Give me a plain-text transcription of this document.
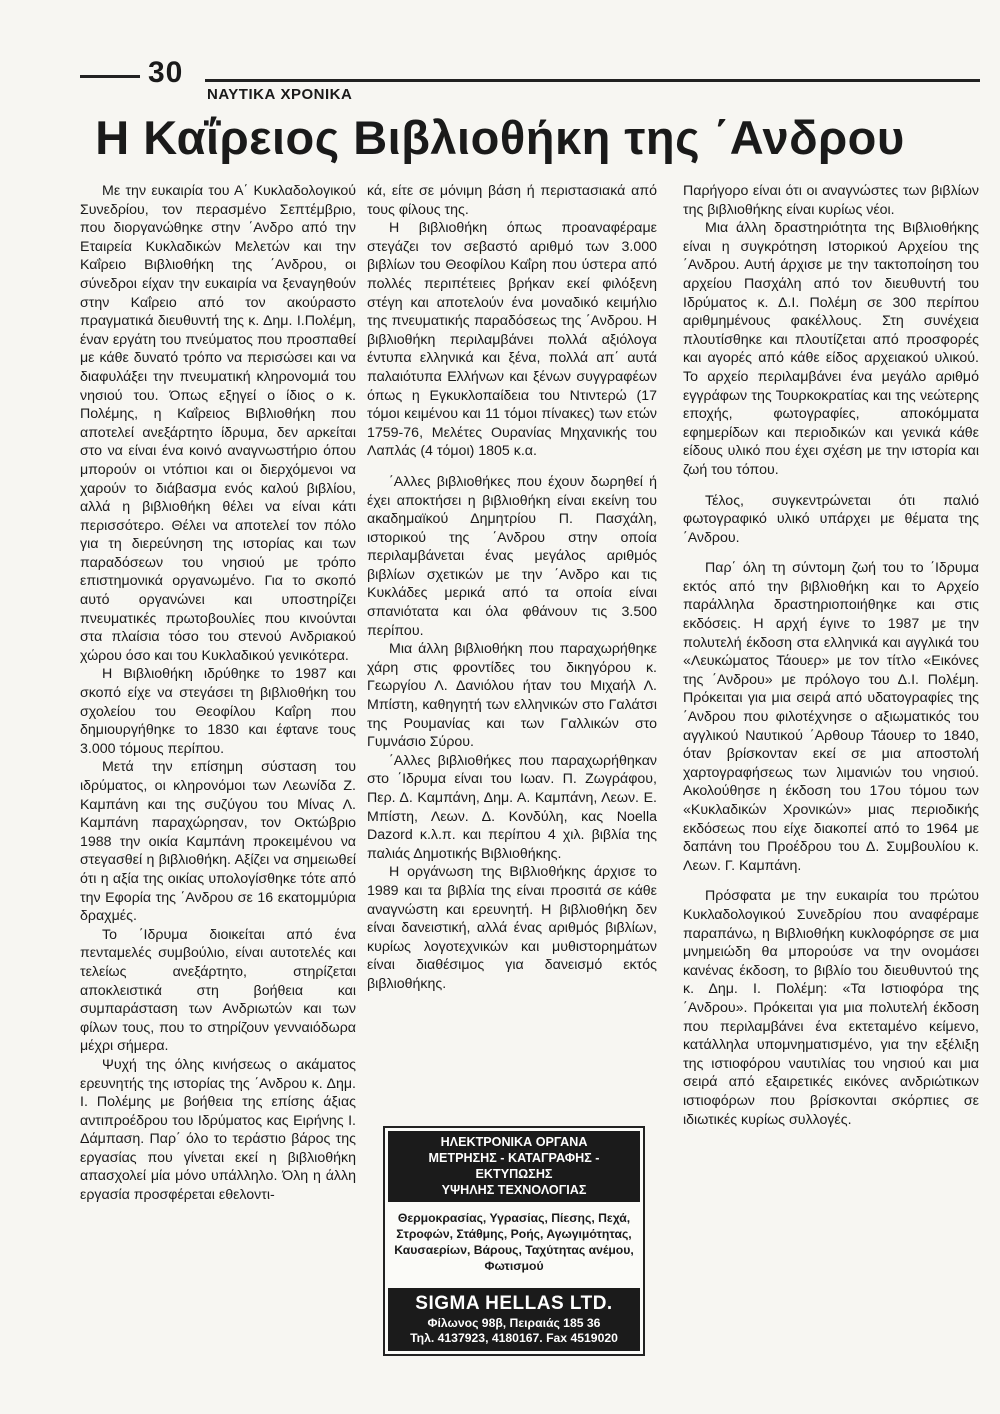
30
ΝΑΥΤΙΚΑ ΧΡΟΝΙΚΑ
Η Καΐρειος Βιβλιοθήκη της ΄Ανδρου

Με την ευκαιρία του Α΄ Κυκλαδολογικού Συνεδρίου, τον περασμένο Σεπτέμβριο, που διοργανώθηκε στην ΄Ανδρο από την Εταιρεία Κυκλαδικών Μελετών και την Καΐρειο Βιβλιοθήκη της ΄Ανδρου, οι σύνεδροι είχαν την ευκαιρία να ξεναγηθούν στην Καΐρειο από τον ακούραστο πραγματικά διευθυντή της κ. Δημ. Ι.Πολέμη, έναν εργάτη του πνεύματος που προσπαθεί με κάθε δυνατό τρόπο να περισώσει και να διαφυλάξει την πνευματική κληρονομιά του νησιού του. Όπως εξηγεί ο ίδιος ο κ. Πολέμης, η Καΐρειος Βιβλιοθήκη που αποτελεί ανεξάρτητο ίδρυμα, δεν αρκείται στο να είναι ένα κοινό αναγνωστήριο όπου μπορούν οι ντόπιοι και οι διερχόμενοι να χαρούν το διάβασμα ενός καλού βιβλίου, αλλά η βιβλιοθήκη θέλει να είναι κάτι περισσότερο. Θέλει να αποτελεί τον πόλο για τη διερεύνηση της ιστορίας και των παραδόσεων του νησιού με τρόπο επιστημονικά οργανωμένο. Για το σκοπό αυτό οργανώνει και υποστηρίζει πνευματικές πρωτοβουλίες που κινούνται στα πλαίσια τόσο του στενού Ανδριακού χώρου όσο και του Κυκλαδικού γενικότερα.

Η Βιβλιοθήκη ιδρύθηκε το 1987 και σκοπό είχε να στεγάσει τη βιβλιοθήκη του σχολείου του Θεοφίλου Καΐρη που δημιουργήθηκε το 1830 και έφτανε τους 3.000 τόμους περίπου.

Μετά την επίσημη σύσταση του ιδρύματος, οι κληρονόμοι των Λεωνίδα Ζ. Καμπάνη και της συζύγου του Μίνας Λ. Καμπάνη παραχώρησαν, τον Οκτώβριο 1988 την οικία Καμπάνη προκειμένου να στεγασθεί η βιβλιοθήκη. Αξίζει να σημειωθεί ότι η αξία της οικίας υπολογίσθηκε τότε από την Εφορία της ΄Ανδρου σε 16 εκατομμύρια δραχμές.

Το ΄Ιδρυμα διοικείται από ένα πενταμελές συμβούλιο, είναι αυτοτελές και τελείως ανεξάρτητο, στηρίζεται αποκλειστικά στη βοήθεια και συμπαράσταση των Ανδριωτών και των φίλων τους, που το στηρίζουν γενναιόδωρα μέχρι σήμερα.

Ψυχή της όλης κινήσεως ο ακάματος ερευνητής της ιστορίας της ΄Ανδρου κ. Δημ. Ι. Πολέμης με βοήθεια της επίσης άξιας αντιπροέδρου του Ιδρύματος κας Ειρήνης Ι. Δάμπαση. Παρ΄ όλο το τεράστιο βάρος της εργασίας που γίνεται εκεί η βιβλιοθήκη απασχολεί μία μόνο υπάλληλο. Όλη η άλλη εργασία προσφέρεται εθελοντι-

κά, είτε σε μόνιμη βάση ή περιστασιακά από τους φίλους της.

Η βιβλιοθήκη όπως προαναφέραμε στεγάζει τον σεβαστό αριθμό των 3.000 βιβλίων του Θεοφίλου Καΐρη που ύστερα από πολλές περιπέτειες βρήκαν εκεί φιλόξενη στέγη και αποτελούν ένα μοναδικό κειμήλιο της πνευματικής παραδόσεως της ΄Ανδρου. Η βιβλιοθήκη περιλαμβάνει πολλά αξιόλογα έντυπα ελληνικά και ξένα, πολλά απ΄ αυτά παλαιότυπα Ελλήνων και ξένων συγγραφέων όπως η Εγκυκλοπαίδεια του Ντιντερώ (17 τόμοι κειμένου και 11 τόμοι πίνακες) των ετών 1759-76, Μελέτες Ουρανίας Μηχανικής του Λαπλάς (4 τόμοι) 1805 κ.α.

΄Αλλες βιβλιοθήκες που έχουν δωρηθεί ή έχει αποκτήσει η βιβλιοθήκη είναι εκείνη του ακαδημαϊκού Δημητρίου Π. Πασχάλη, ιστορικού της ΄Ανδρου στην οποία περιλαμβάνεται ένας μεγάλος αριθμός βιβλίων σχετικών με την ΄Ανδρο και τις Κυκλάδες μερικά από τα οποία είναι σπανιότατα και όλα φθάνουν τις 3.500 περίπου.

Μια άλλη βιβλιοθήκη που παραχωρήθηκε χάρη στις φροντίδες του δικηγόρου κ. Γεωργίου Λ. Δανιόλου ήταν του Μιχαήλ Λ. Μπίστη, καθηγητή των ελληνικών στο Γαλάτσι της Ρουμανίας και των Γαλλικών στο Γυμνάσιο Σύρου.

΄Αλλες βιβλιοθήκες που παραχωρήθηκαν στο ΄Ιδρυμα είναι του Ιωαν. Π. Ζωγράφου, Περ. Δ. Καμπάνη, Δημ. Α. Καμπάνη, Λεων. Ε. Μπίστη, Λεων. Δ. Κονδύλη, κας Noella Dazord κ.λ.π. και περίπου 4 χιλ. βιβλία της παλιάς Δημοτικής Βιβλιοθήκης.

Η οργάνωση της Βιβλιοθήκης άρχισε το 1989 και τα βιβλία της είναι προσιτά σε κάθε αναγνώστη και ερευνητή. Η βιβλιοθήκη δεν είναι δανειστική, αλλά ένας αριθμός βιβλίων, κυρίως λογοτεχνικών και μυθιστορημάτων είναι διαθέσιμος για δανεισμό εκτός βιβλιοθήκης.

Παρήγορο είναι ότι οι αναγνώστες των βιβλίων της βιβλιοθήκης είναι κυρίως νέοι.

Μια άλλη δραστηριότητα της Βιβλιοθήκης είναι η συγκρότηση Ιστορικού Αρχείου της ΄Ανδρου. Αυτή άρχισε με την τακτοποίηση του αρχείου Πασχάλη από τον διευθυντή του Ιδρύματος κ. Δ.Ι. Πολέμη σε 300 περίπου αριθμημένους φακέλλους. Στη συνέχεια πλουτίσθηκε και πλουτίζεται από προσφορές και αγορές από κάθε είδος αρχειακού υλικού. Το αρχείο περιλαμβάνει ένα μεγάλο αριθμό εγγράφων της Τουρκοκρατίας και της νεώτερης εποχής, φωτογραφίες, αποκόμματα εφημερίδων και περιοδικών και γενικά κάθε είδους υλικό που έχει σχέση με την ιστορία και ζωή του τόπου.

Τέλος, συγκεντρώνεται ότι παλιό φωτογραφικό υλικό υπάρχει με θέματα της ΄Ανδρου.

Παρ΄ όλη τη σύντομη ζωή του το ΄Ιδρυμα εκτός από την βιβλιοθήκη και το Αρχείο παράλληλα δραστηριοποιήθηκε και στις εκδόσεις. Η αρχή έγινε το 1987 με την πολυτελή έκδοση στα ελληνικά και αγγλικά του «Λευκώματος Τάουερ» με τον τίτλο «Εικόνες της ΄Ανδρου» με πρόλογο του Δ.Ι. Πολέμη. Πρόκειται για μια σειρά από υδατογραφίες της ΄Ανδρου που φιλοτέχνησε ο αξιωματικός του αγγλικού Ναυτικού ΄Αρθουρ Τάουερ το 1840, όταν βρίσκονταν εκεί σε μια αποστολή χαρτογραφήσεως των λιμανιών του νησιού. Ακολούθησε η έκδοση του 17ου τόμου των «Κυκλαδικών Χρονικών» μιας περιοδικής εκδόσεως που είχε διακοπεί από το 1964 με δαπάνη του Προέδρου του Δ. Συμβουλίου κ. Λεων. Γ. Καμπάνη.

Πρόσφατα με την ευκαιρία του πρώτου Κυκλαδολογικού Συνεδρίου που αναφέραμε παραπάνω, η Βιβλιοθήκη κυκλοφόρησε σε μια μνημειώδη θα μπορούσε να την ονομάσει κανένας έκδοση, το βιβλίο του διευθυντού της κ. Δημ. Ι. Πολέμη: «Τα Ιστιοφόρα της ΄Ανδρου». Πρόκειται για μια πολυτελή έκδοση που περιλαμβάνει ένα εκτεταμένο κείμενο, κατάλληλα υπομνηματισμένο, για την εξέλιξη της ιστιοφόρου ναυτιλίας του νησιού και μια σειρά από εξαιρετικές εικόνες ανδριώτικων ιστιοφόρων που βρίσκονται σκόρπιες σε ιδιωτικές κυρίως συλλογές.

ΗΛΕΚΤΡΟΝΙΚΑ ΟΡΓΑΝΑ
ΜΕΤΡΗΣΗΣ - ΚΑΤΑΓΡΑΦΗΣ - ΕΚΤΥΠΩΣΗΣ
ΥΨΗΛΗΣ ΤΕΧΝΟΛΟΓΙΑΣ
Θερμοκρασίας, Υγρασίας, Πίεσης, Πεχά, Στροφών, Στάθμης, Ροής, Αγωγιμότητας, Καυσαερίων, Βάρους, Ταχύτητας ανέμου, Φωτισμού
SIGMA HELLAS LTD.
Φίλωνος 98β, Πειραιάς 185 36
Τηλ. 4137923, 4180167. Fax 4519020
